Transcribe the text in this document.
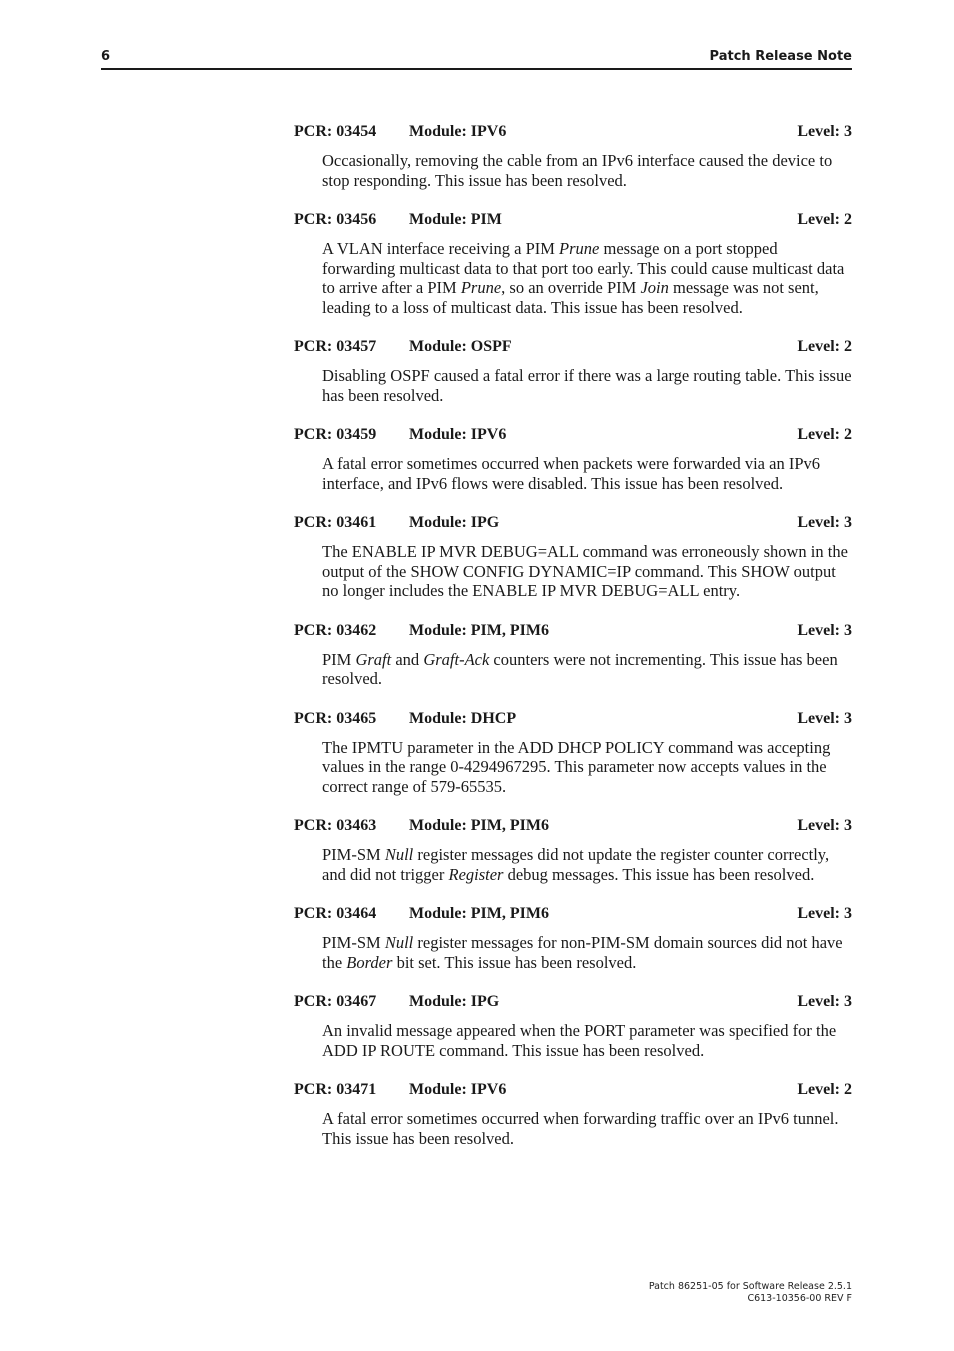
6	Patch Release Note
PCR: 03454 Module: IPV6	Level: 3
Occasionally, removing the cable from an IPv6 interface caused the device to stop responding. This issue has been resolved.
PCR: 03456 Module: PIM	Level: 2
A VLAN interface receiving a PIM Prune message on a port stopped forwarding multicast data to that port too early. This could cause multicast data to arrive after a PIM Prune, so an override PIM Join message was not sent, leading to a loss of multicast data. This issue has been resolved.
PCR: 03457 Module: OSPF	Level: 2
Disabling OSPF caused a fatal error if there was a large routing table. This issue has been resolved.
PCR: 03459 Module: IPV6	Level: 2
A fatal error sometimes occurred when packets were forwarded via an IPv6 interface, and IPv6 flows were disabled. This issue has been resolved.
PCR: 03461 Module: IPG	Level: 3
The ENABLE IP MVR DEBUG=ALL command was erroneously shown in the output of the SHOW CONFIG DYNAMIC=IP command. This SHOW output no longer includes the ENABLE IP MVR DEBUG=ALL entry.
PCR: 03462 Module: PIM, PIM6	Level: 3
PIM Graft and Graft-Ack counters were not incrementing. This issue has been resolved.
PCR: 03465 Module: DHCP	Level: 3
The IPMTU parameter in the ADD DHCP POLICY command was accepting values in the range 0-4294967295. This parameter now accepts values in the correct range of 579-65535.
PCR: 03463 Module: PIM, PIM6	Level: 3
PIM-SM Null register messages did not update the register counter correctly, and did not trigger Register debug messages. This issue has been resolved.
PCR: 03464 Module: PIM, PIM6	Level: 3
PIM-SM Null register messages for non-PIM-SM domain sources did not have the Border bit set. This issue has been resolved.
PCR: 03467 Module: IPG	Level: 3
An invalid message appeared when the PORT parameter was specified for the ADD IP ROUTE command. This issue has been resolved.
PCR: 03471 Module: IPV6	Level: 2
A fatal error sometimes occurred when forwarding traffic over an IPv6 tunnel. This issue has been resolved.
Patch 86251-05 for Software Release 2.5.1
C613-10356-00 REV F
